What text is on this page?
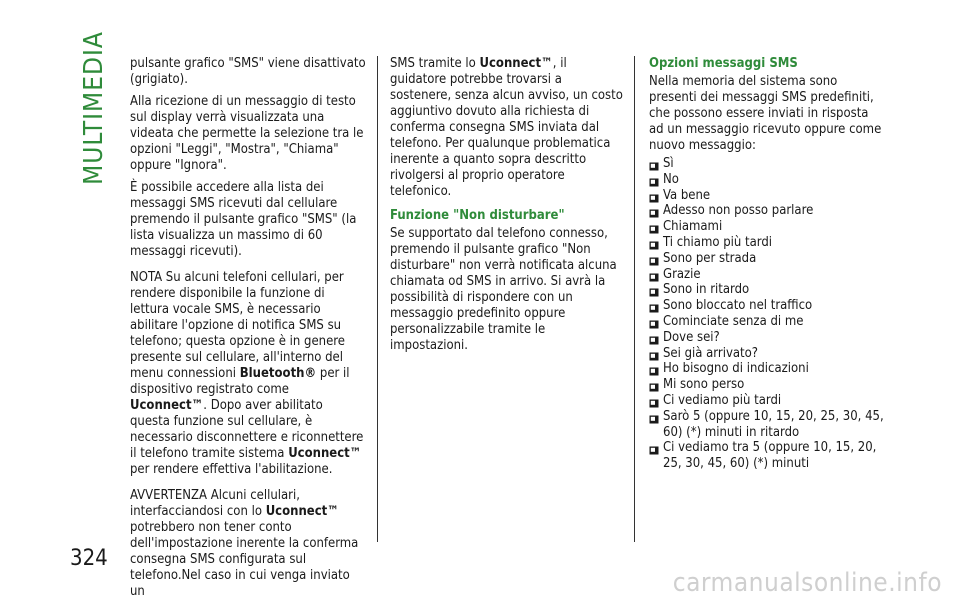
MULTIMEDIA
324

pulsante grafico "SMS" viene disattivato (grigiato).

Alla ricezione di un messaggio di testo sul display verrà visualizzata una videata che permette la selezione tra le opzioni "Leggi", "Mostra", "Chiama" oppure "Ignora".

È possibile accedere alla lista dei messaggi SMS ricevuti dal cellulare premendo il pulsante grafico "SMS" (la lista visualizza un massimo di 60 messaggi ricevuti).

NOTA Su alcuni telefoni cellulari, per rendere disponibile la funzione di lettura vocale SMS, è necessario abilitare l'opzione di notifica SMS su telefono; questa opzione è in genere presente sul cellulare, all'interno del menu connessioni Bluetooth® per il dispositivo registrato come Uconnect™. Dopo aver abilitato questa funzione sul cellulare, è necessario disconnettere e riconnettere il telefono tramite sistema Uconnect™ per rendere effettiva l'abilitazione.

AVVERTENZA Alcuni cellulari, interfacciandosi con lo Uconnect™ potrebbero non tener conto dell'impostazione inerente la conferma consegna SMS configurata sul telefono.Nel caso in cui venga inviato un

SMS tramite lo Uconnect™, il guidatore potrebbe trovarsi a sostenere, senza alcun avviso, un costo aggiuntivo dovuto alla richiesta di conferma consegna SMS inviata dal telefono. Per qualunque problematica inerente a quanto sopra descritto rivolgersi al proprio operatore telefonico.

Funzione "Non disturbare"

Se supportato dal telefono connesso, premendo il pulsante grafico "Non disturbare" non verrà notificata alcuna chiamata od SMS in arrivo. Si avrà la possibilità di rispondere con un messaggio predefinito oppure personalizzabile tramite le impostazioni.

Opzioni messaggi SMS

Nella memoria del sistema sono presenti dei messaggi SMS predefiniti, che possono essere inviati in risposta ad un messaggio ricevuto oppure come nuovo messaggio:

Sì
No
Va bene
Adesso non posso parlare
Chiamami
Ti chiamo più tardi
Sono per strada
Grazie
Sono in ritardo
Sono bloccato nel traffico
Cominciate senza di me
Dove sei?
Sei già arrivato?
Ho bisogno di indicazioni
Mi sono perso
Ci vediamo più tardi
Sarò 5 (oppure 10, 15, 20, 25, 30, 45, 60) (*) minuti in ritardo
Ci vediamo tra 5 (oppure 10, 15, 20, 25, 30, 45, 60) (*) minuti
carmanualsonline.info
